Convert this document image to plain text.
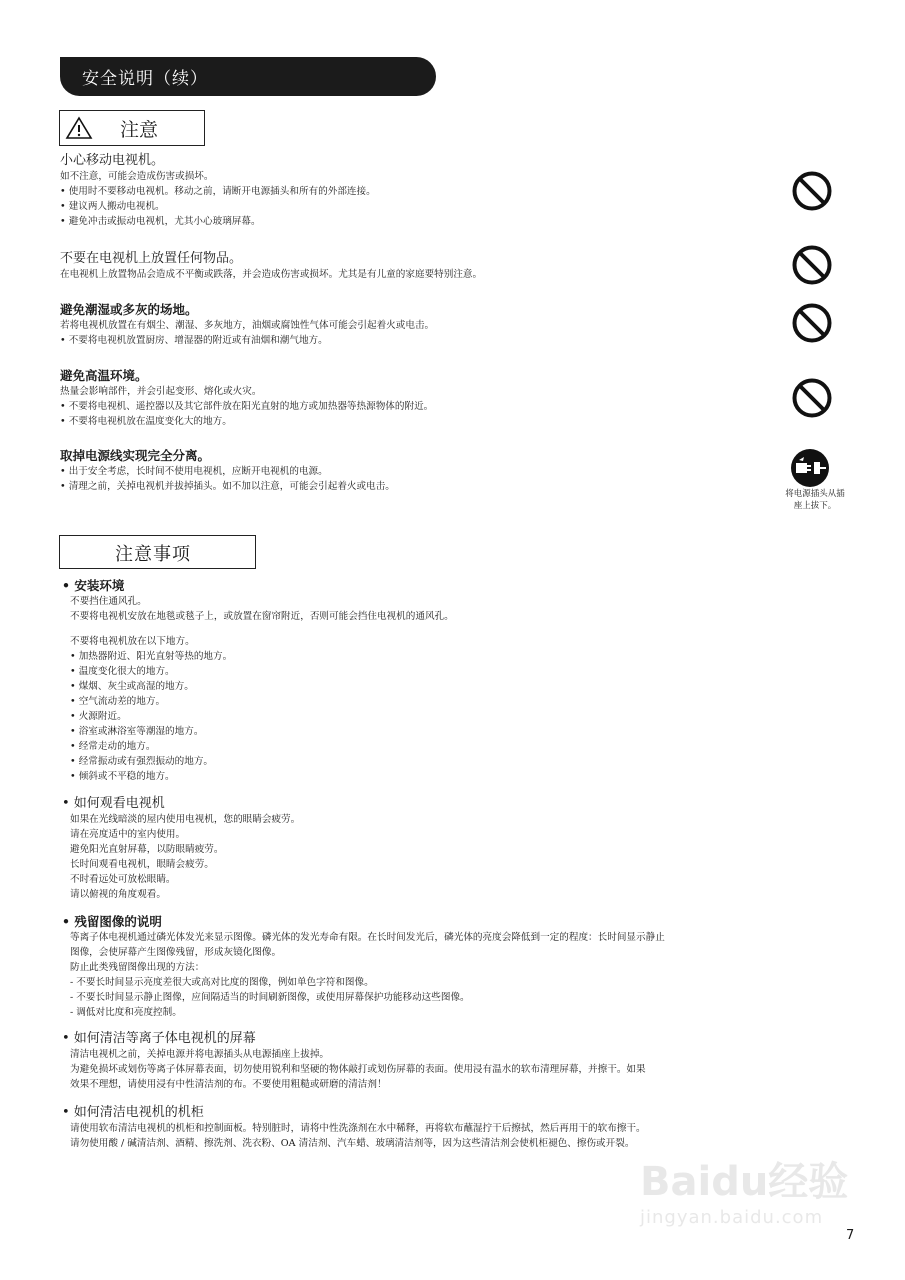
安全说明（续）
注意
小心移动电视机。
如不注意，可能会造成伤害或损坏。
• 使用时不要移动电视机。移动之前，请断开电源插头和所有的外部连接。
• 建议两人搬动电视机。
• 避免冲击或振动电视机，尤其小心玻璃屏幕。
不要在电视机上放置任何物品。
在电视机上放置物品会造成不平衡或跌落，并会造成伤害或损坏。尤其是有儿童的家庭要特别注意。
避免潮湿或多灰的场地。
若将电视机放置在有烟尘、潮湿、多灰地方，油烟或腐蚀性气体可能会引起着火或电击。
• 不要将电视机放置厨房、增湿器的附近或有油烟和潮气地方。
避免高温环境。
热量会影响部件，并会引起变形、熔化或火灾。
• 不要将电视机、遥控器以及其它部件放在阳光直射的地方或加热器等热源物体的附近。
• 不要将电视机放在温度变化大的地方。
取掉电源线实现完全分离。
• 出于安全考虑，长时间不使用电视机，应断开电视机的电源。
• 清理之前，关掉电视机并拔掉插头。如不加以注意，可能会引起着火或电击。
将电源插头从插
座上拔下。
注意事项
• 安装环境
不要挡住通风孔。
不要将电视机安放在地毯或毯子上，或放置在窗帘附近，否则可能会挡住电视机的通风孔。
不要将电视机放在以下地方。
• 加热器附近、阳光直射等热的地方。
• 温度变化很大的地方。
• 煤烟、灰尘或高湿的地方。
• 空气流动差的地方。
• 火源附近。
• 浴室或淋浴室等潮湿的地方。
• 经常走动的地方。
• 经常振动或有强烈振动的地方。
• 倾斜或不平稳的地方。
• 如何观看电视机
如果在光线暗淡的屋内使用电视机，您的眼睛会疲劳。
请在亮度适中的室内使用。
避免阳光直射屏幕，以防眼睛疲劳。
长时间观看电视机，眼睛会疲劳。
不时看远处可放松眼睛。
请以俯视的角度观看。
• 残留图像的说明
等离子体电视机通过磷光体发光来显示图像。磷光体的发光寿命有限。在长时间发光后，磷光体的亮度会降低到一定的程度：长时间显示静止
图像，会使屏幕产生图像残留，形成灰镜化图像。
防止此类残留图像出现的方法：
- 不要长时间显示亮度差很大或高对比度的图像，例如单色字符和图像。
- 不要长时间显示静止图像，应间隔适当的时间刷新图像，或使用屏幕保护功能移动这些图像。
- 调低对比度和亮度控制。
• 如何清洁等离子体电视机的屏幕
清洁电视机之前，关掉电源并将电源插头从电源插座上拔掉。
为避免损坏或划伤等离子体屏幕表面，切勿使用锐利和坚硬的物体敲打或划伤屏幕的表面。使用浸有温水的软布清理屏幕，并擦干。如果
效果不理想，请使用浸有中性清洁剂的布。不要使用粗糙或研磨的清洁剂！
• 如何清洁电视机的机柜
请使用软布清洁电视机的机柜和控制面板。特别脏时，请将中性洗涤剂在水中稀释，再将软布蘸湿拧干后擦拭，然后再用干的软布擦干。
请勿使用酸 / 碱清洁剂、酒精、擦洗剂、洗衣粉、OA 清洁剂、汽车蜡、玻璃清洁剂等，因为这些清洁剂会使机柜褪色、擦伤或开裂。
Baidu经验
jingyan.baidu.com
7
